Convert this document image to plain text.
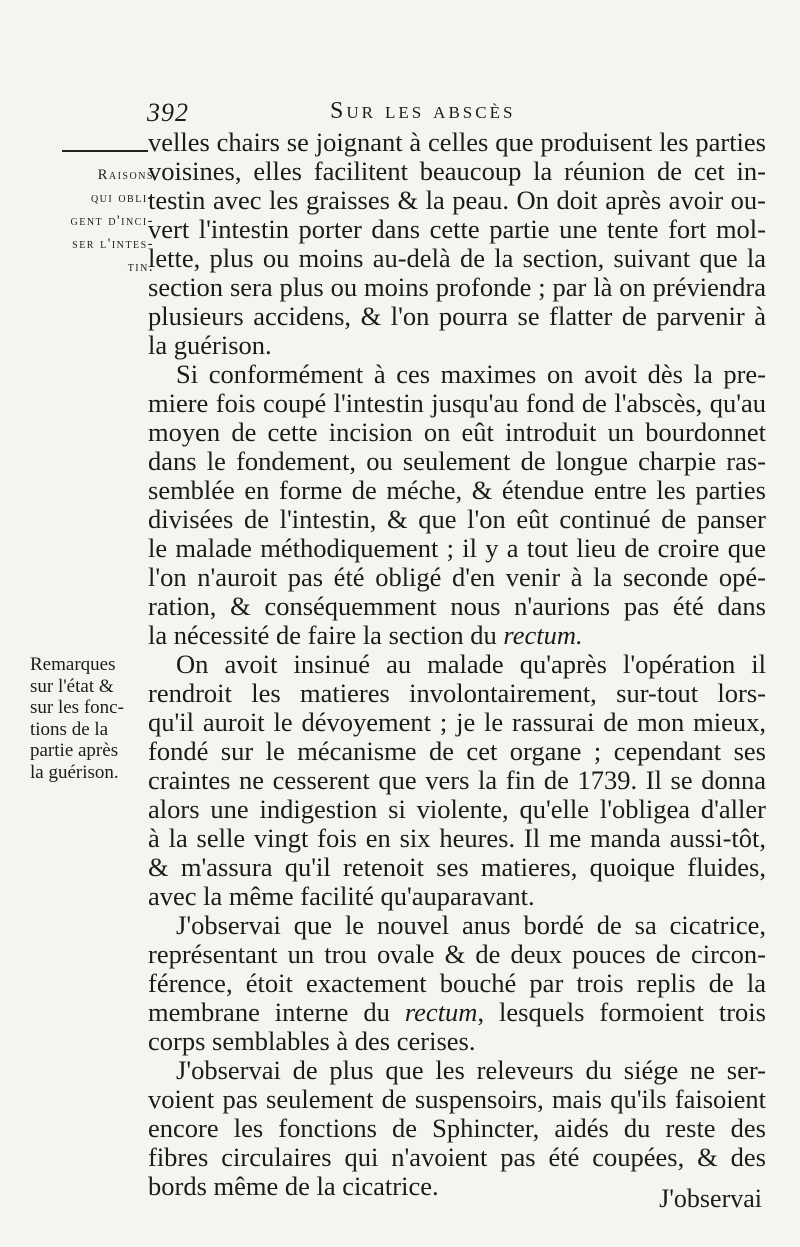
392	Sur les abscès
Raisons
qui obli-
gent d'inci-
ser l'intes-
tin.
Remarques
sur l'état &
sur les fonc-
tions de la
partie après
la guérison.
velles chairs se joignant à celles que produisent les parties
voisines, elles facilitent beaucoup la réunion de cet in-
testin avec les graisses & la peau. On doit après avoir ou-
vert l'intestin porter dans cette partie une tente fort mol-
lette, plus ou moins au-delà de la section, suivant que la
section sera plus ou moins profonde ; par là on préviendra
plusieurs accidens, & l'on pourra se flatter de parvenir à
la guérison.
Si conformément à ces maximes on avoit dès la pre-
miere fois coupé l'intestin jusqu'au fond de l'abscès, qu'au
moyen de cette incision on eût introduit un bourdonnet
dans le fondement, ou seulement de longue charpie ras-
semblée en forme de méche, & étendue entre les parties
divisées de l'intestin, & que l'on eût continué de panser
le malade méthodiquement ; il y a tout lieu de croire que
l'on n'auroit pas été obligé d'en venir à la seconde opé-
ration, & conséquemment nous n'aurions pas été dans
la nécessité de faire la section du rectum.
On avoit insinué au malade qu'après l'opération il
rendroit les matieres involontairement, sur-tout lors-
qu'il auroit le dévoyement ; je le rassurai de mon mieux,
fondé sur le mécanisme de cet organe ; cependant ses
craintes ne cesserent que vers la fin de 1739. Il se donna
alors une indigestion si violente, qu'elle l'obligea d'aller
à la selle vingt fois en six heures. Il me manda aussi-tôt,
& m'assura qu'il retenoit ses matieres, quoique fluides,
avec la même facilité qu'auparavant.
J'observai que le nouvel anus bordé de sa cicatrice,
représentant un trou ovale & de deux pouces de circon-
férence, étoit exactement bouché par trois replis de la
membrane interne du rectum, lesquels formoient trois
corps semblables à des cerises.
J'observai de plus que les releveurs du siége ne ser-
voient pas seulement de suspensoirs, mais qu'ils faisoient
encore les fonctions de Sphincter, aidés du reste des
fibres circulaires qui n'avoient pas été coupées, & des
bords même de la cicatrice.	J'observai
